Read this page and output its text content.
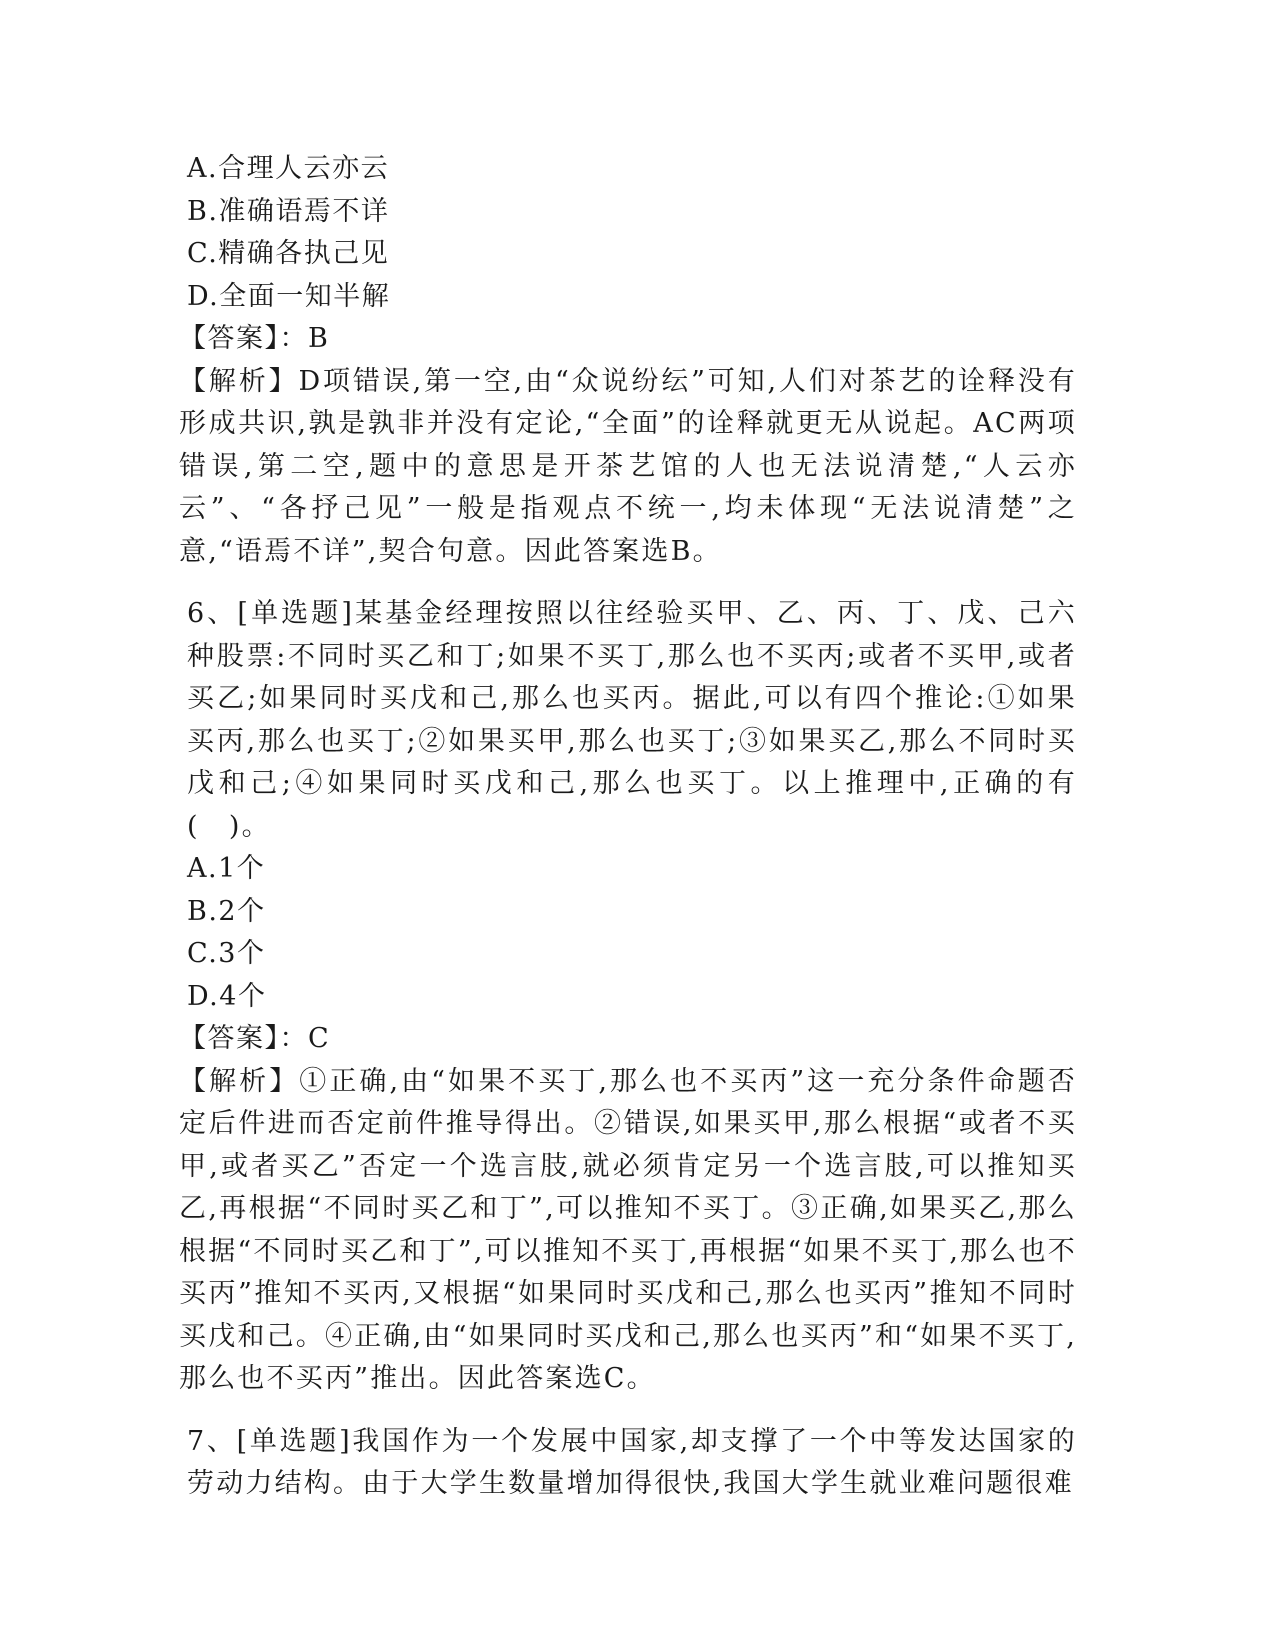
A.合理人云亦云
B.准确语焉不详
C.精确各执己见
D.全面一知半解
【答案】：B

【解析】D项错误,第一空,由“众说纷纭”可知,人们对茶艺的诠释没有形成共识,孰是孰非并没有定论,“全面”的诠释就更无从说起。AC两项错误,第二空,题中的意思是开茶艺馆的人也无法说清楚,“人云亦云”、“各抒己见”一般是指观点不统一,均未体现“无法说清楚”之意,“语焉不详”,契合句意。因此答案选B。

6、[单选题]某基金经理按照以往经验买甲、乙、丙、丁、戊、己六种股票:不同时买乙和丁;如果不买丁,那么也不买丙;或者不买甲,或者买乙;如果同时买戊和己,那么也买丙。据此,可以有四个推论:①如果买丙,那么也买丁;②如果买甲,那么也买丁;③如果买乙,那么不同时买戊和己;④如果同时买戊和己,那么也买丁。以上推理中,正确的有(　)。

A.1个
B.2个
C.3个
D.4个
【答案】：C

【解析】①正确,由“如果不买丁,那么也不买丙”这一充分条件命题否定后件进而否定前件推导得出。②错误,如果买甲,那么根据“或者不买甲,或者买乙”否定一个选言肢,就必须肯定另一个选言肢,可以推知买乙,再根据“不同时买乙和丁”,可以推知不买丁。③正确,如果买乙,那么根据“不同时买乙和丁”,可以推知不买丁,再根据“如果不买丁,那么也不买丙”推知不买丙,又根据“如果同时买戊和己,那么也买丙”推知不同时买戊和己。④正确,由“如果同时买戊和己,那么也买丙”和“如果不买丁,那么也不买丙”推出。因此答案选C。

7、[单选题]我国作为一个发展中国家,却支撑了一个中等发达国家的劳动力结构。由于大学生数量增加得很快,我国大学生就业难问题很难
